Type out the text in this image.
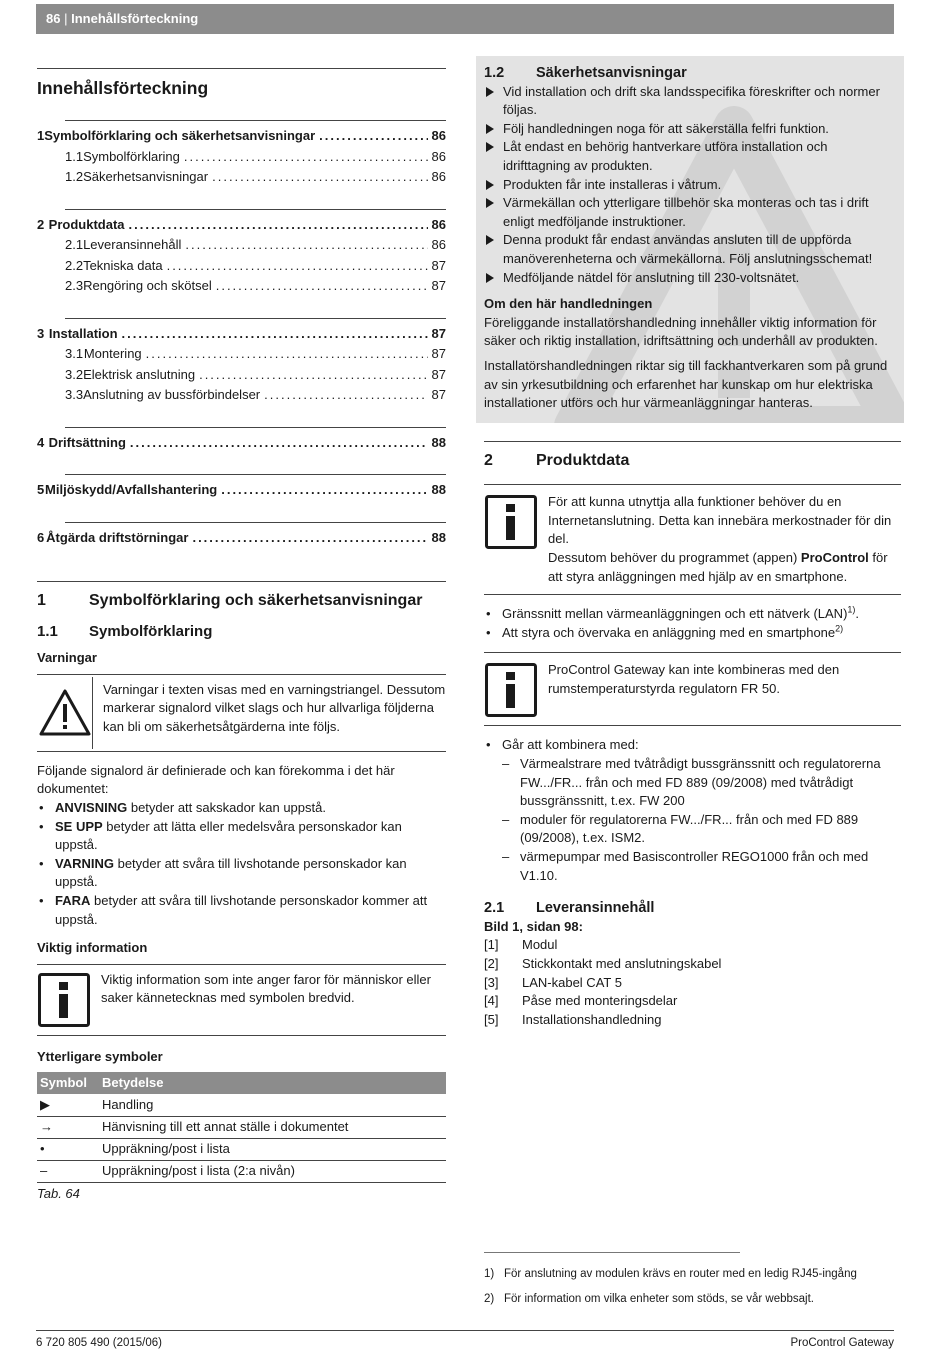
86 | Innehållsförteckning
Innehållsförteckning
1 Symbolförklaring och säkerhetsanvisningar .....	86
1.1 Symbolförklaring .....	86
1.2 Säkerhetsanvisningar .....	86
2 Produktdata .....	86
2.1 Leveransinnehåll .....	86
2.2 Tekniska data .....	87
2.3 Rengöring och skötsel .....	87
3 Installation .....	87
3.1 Montering .....	87
3.2 Elektrisk anslutning .....	87
3.3 Anslutning av bussförbindelser .....	87
4 Driftsättning .....	88
5 Miljöskydd/Avfallshantering .....	88
6 Åtgärda driftstörningar .....	88
1	Symbolförklaring och säkerhetsanvisningar
1.1	Symbolförklaring
Varningar
Varningar i texten visas med en varningstriangel. Dessutom markerar signalord vilket slags och hur allvarliga följderna kan bli om säkerhetsåtgärderna inte följs.
Följande signalord är definierade och kan förekomma i det här dokumentet:
• ANVISNING betyder att sakskador kan uppstå.
• SE UPP betyder att lätta eller medelsvåra personskador kan uppstå.
• VARNING betyder att svåra till livshotande personskador kan uppstå.
• FARA betyder att svåra till livshotande personskador kommer att uppstå.
Viktig information
Viktig information som inte anger faror för människor eller saker kännetecknas med symbolen bredvid.
Ytterligare symboler
Symbol	Betydelse
▶	Handling
→	Hänvisning till ett annat ställe i dokumentet
•	Uppräkning/post i lista
–	Uppräkning/post i lista (2:a nivån)
Tab. 64
1.2	Säkerhetsanvisningar
Vid installation och drift ska landsspecifika föreskrifter och normer följas.
Följ handledningen noga för att säkerställa felfri funktion.
Låt endast en behörig hantverkare utföra installation och idrifttagning av produkten.
Produkten får inte installeras i våtrum.
Värmekällan och ytterligare tillbehör ska monteras och tas i drift enligt medföljande instruktioner.
Denna produkt får endast användas ansluten till de uppförda manöverenheterna och värmekällorna. Följ anslutningsschemat!
Medföljande nätdel för anslutning till 230-voltsnätet.
Om den här handledningen
Föreliggande installatörshandledning innehåller viktig information för säker och riktig installation, idriftsättning och underhåll av produkten.
Installatörshandledningen riktar sig till fackhantverkaren som på grund av sin yrkesutbildning och erfarenhet har kunskap om hur elektriska installationer utförs och hur värmeanläggningar hanteras.
2	Produktdata
För att kunna utnyttja alla funktioner behöver du en Internetanslutning. Detta kan innebära merkostnader för din del.
Dessutom behöver du programmet (appen) ProControl för att styra anläggningen med hjälp av en smartphone.
• Gränssnitt mellan värmeanläggningen och ett nätverk (LAN)$^{1)}$.
• Att styra och övervaka en anläggning med en smartphone$^{2)}$
ProControl Gateway kan inte kombineras med den rumstemperaturstyrda regulatorn FR 50.
• Går att kombinera med:
– Värmealstrare med tvåtrådigt bussgränssnitt och regulatorerna FW.../FR... från och med FD 889 (09/2008) med tvåtrådigt bussgränssnitt, t.ex. FW 200
– moduler för regulatorerna FW.../FR... från och med FD 889 (09/2008), t.ex. ISM2.
– värmepumpar med Basiscontroller REGO1000 från och med V1.10.
2.1	Leveransinnehåll
Bild 1, sidan 98:
[1]	Modul
[2]	Stickkontakt med anslutningskabel
[3]	LAN-kabel CAT 5
[4]	Påse med monteringsdelar
[5]	Installationshandledning
1) För anslutning av modulen krävs en router med en ledig RJ45-ingång
2) För information om vilka enheter som stöds, se vår webbsajt.
6 720 805 490 (2015/06)	ProControl Gateway
